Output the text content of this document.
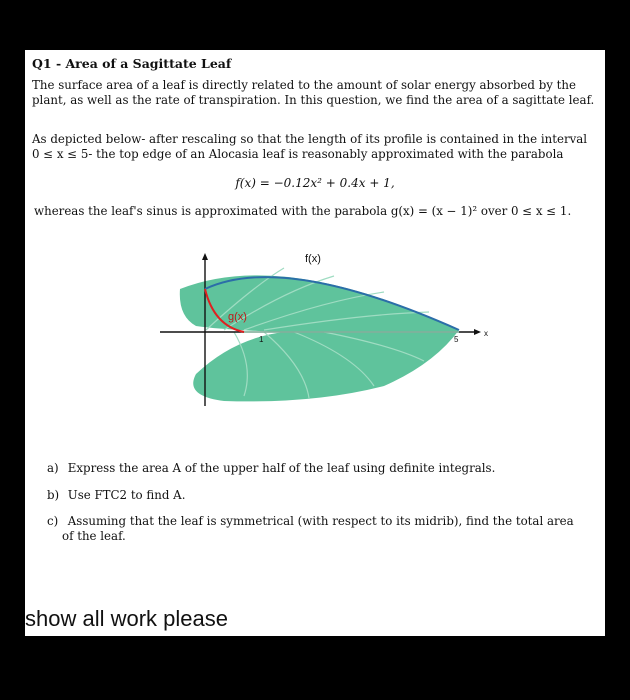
Q1 - Area of a Sagittate Leaf
The surface area of a leaf is directly related to the amount of solar energy absorbed by the plant, as well as the rate of transpiration. In this question, we find the area of a sagittate leaf.
As depicted below- after rescaling so that the length of its profile is contained in the interval 0 ≤ x ≤ 5- the top edge of an Alocasia leaf is reasonably approximated with the parabola
f(x) = −0.12x² + 0.4x + 1,
whereas the leaf's sinus is approximated with the parabola g(x) = (x − 1)² over 0 ≤ x ≤ 1.
f(x)
g(x)
x
1	5
a) Express the area A of the upper half of the leaf using definite integrals.
b) Use FTC2 to find A.
c) Assuming that the leaf is symmetrical (with respect to its midrib), find the total area
of the leaf.
show all work please
